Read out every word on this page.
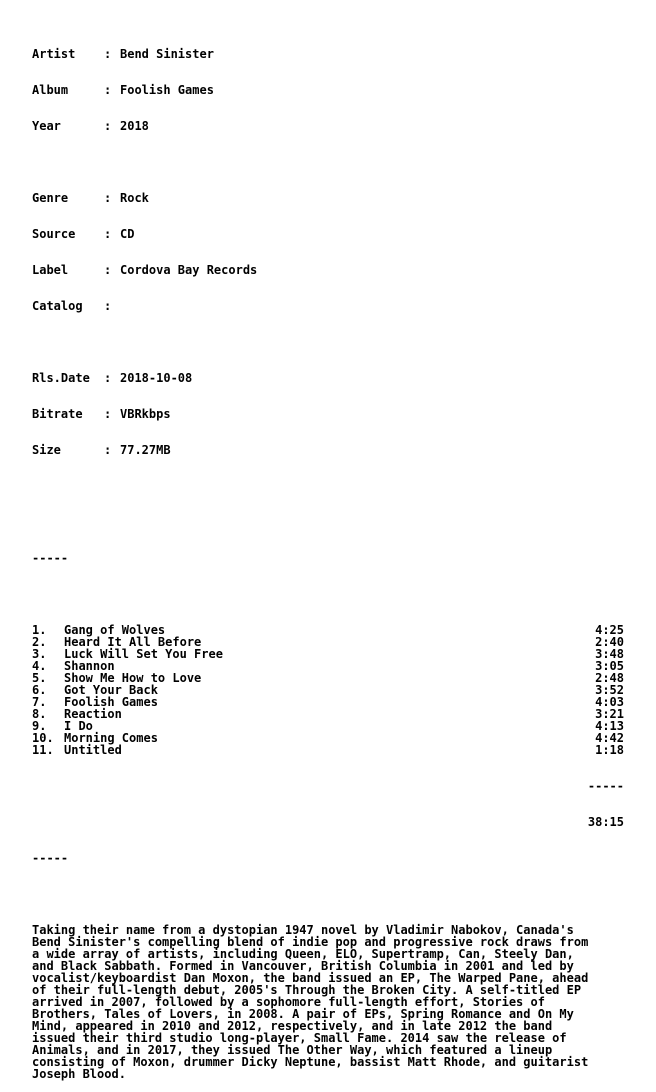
Artist	: Bend Sinister

Album	: Foolish Games

Year	: 2018

Genre	: Rock

Source	: CD

Label	: Cordova Bay Records

Catalog	:

Rls.Date	: 2018-10-08

Bitrate	: VBRkbps

Size	: 77.27MB

-----

1.	Gang of Wolves	4:25
2.	Heard It All Before	2:40
3.	Luck Will Set You Free	3:48
4.	Shannon	3:05
5.	Show Me How to Love	2:48
6.	Got Your Back	3:52
7.	Foolish Games	4:03
8.	Reaction	3:21
9.	I Do	4:13
10. Morning Comes	4:42
11. Untitled	1:18

-----

38:15

-----

Taking their name from a dystopian 1947 novel by Vladimir Nabokov, Canada's
Bend Sinister's compelling blend of indie pop and progressive rock draws from
a wide array of artists, including Queen, ELO, Supertramp, Can, Steely Dan,
and Black Sabbath. Formed in Vancouver, British Columbia in 2001 and led by
vocalist/keyboardist Dan Moxon, the band issued an EP, The Warped Pane, ahead
of their full-length debut, 2005's Through the Broken City. A self-titled EP
arrived in 2007, followed by a sophomore full-length effort, Stories of
Brothers, Tales of Lovers, in 2008. A pair of EPs, Spring Romance and On My
Mind, appeared in 2010 and 2012, respectively, and in late 2012 the band
issued their third studio long-player, Small Fame. 2014 saw the release of
Animals, and in 2017, they issued The Other Way, which featured a lineup
consisting of Moxon, drummer Dicky Neptune, bassist Matt Rhode, and guitarist
Joseph Blood.
